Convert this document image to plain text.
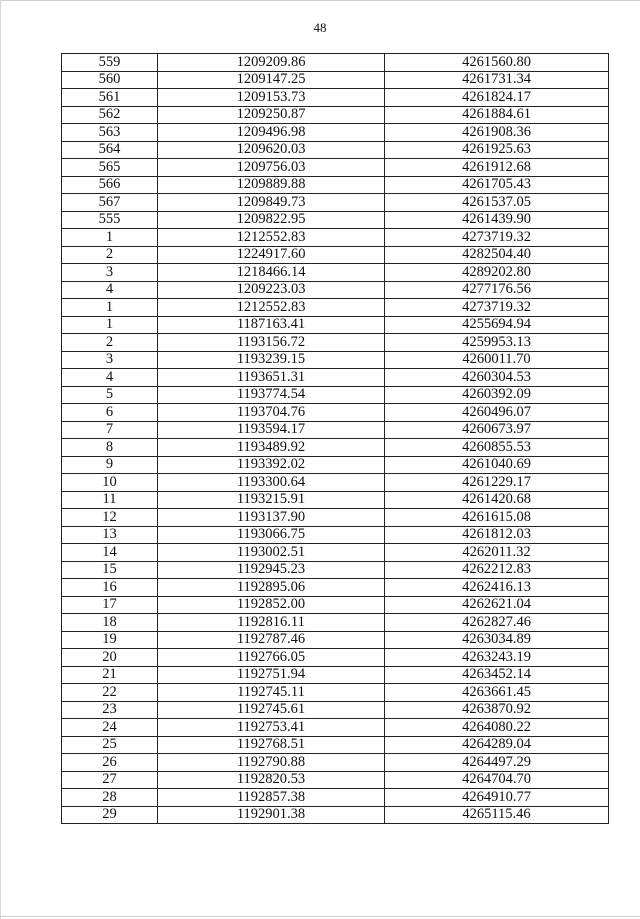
48
559	1209209.86	4261560.80
560	1209147.25	4261731.34
561	1209153.73	4261824.17
562	1209250.87	4261884.61
563	1209496.98	4261908.36
564	1209620.03	4261925.63
565	1209756.03	4261912.68
566	1209889.88	4261705.43
567	1209849.73	4261537.05
555	1209822.95	4261439.90
1	1212552.83	4273719.32
2	1224917.60	4282504.40
3	1218466.14	4289202.80
4	1209223.03	4277176.56
1	1212552.83	4273719.32
1	1187163.41	4255694.94
2	1193156.72	4259953.13
3	1193239.15	4260011.70
4	1193651.31	4260304.53
5	1193774.54	4260392.09
6	1193704.76	4260496.07
7	1193594.17	4260673.97
8	1193489.92	4260855.53
9	1193392.02	4261040.69
10	1193300.64	4261229.17
11	1193215.91	4261420.68
12	1193137.90	4261615.08
13	1193066.75	4261812.03
14	1193002.51	4262011.32
15	1192945.23	4262212.83
16	1192895.06	4262416.13
17	1192852.00	4262621.04
18	1192816.11	4262827.46
19	1192787.46	4263034.89
20	1192766.05	4263243.19
21	1192751.94	4263452.14
22	1192745.11	4263661.45
23	1192745.61	4263870.92
24	1192753.41	4264080.22
25	1192768.51	4264289.04
26	1192790.88	4264497.29
27	1192820.53	4264704.70
28	1192857.38	4264910.77
29	1192901.38	4265115.46
